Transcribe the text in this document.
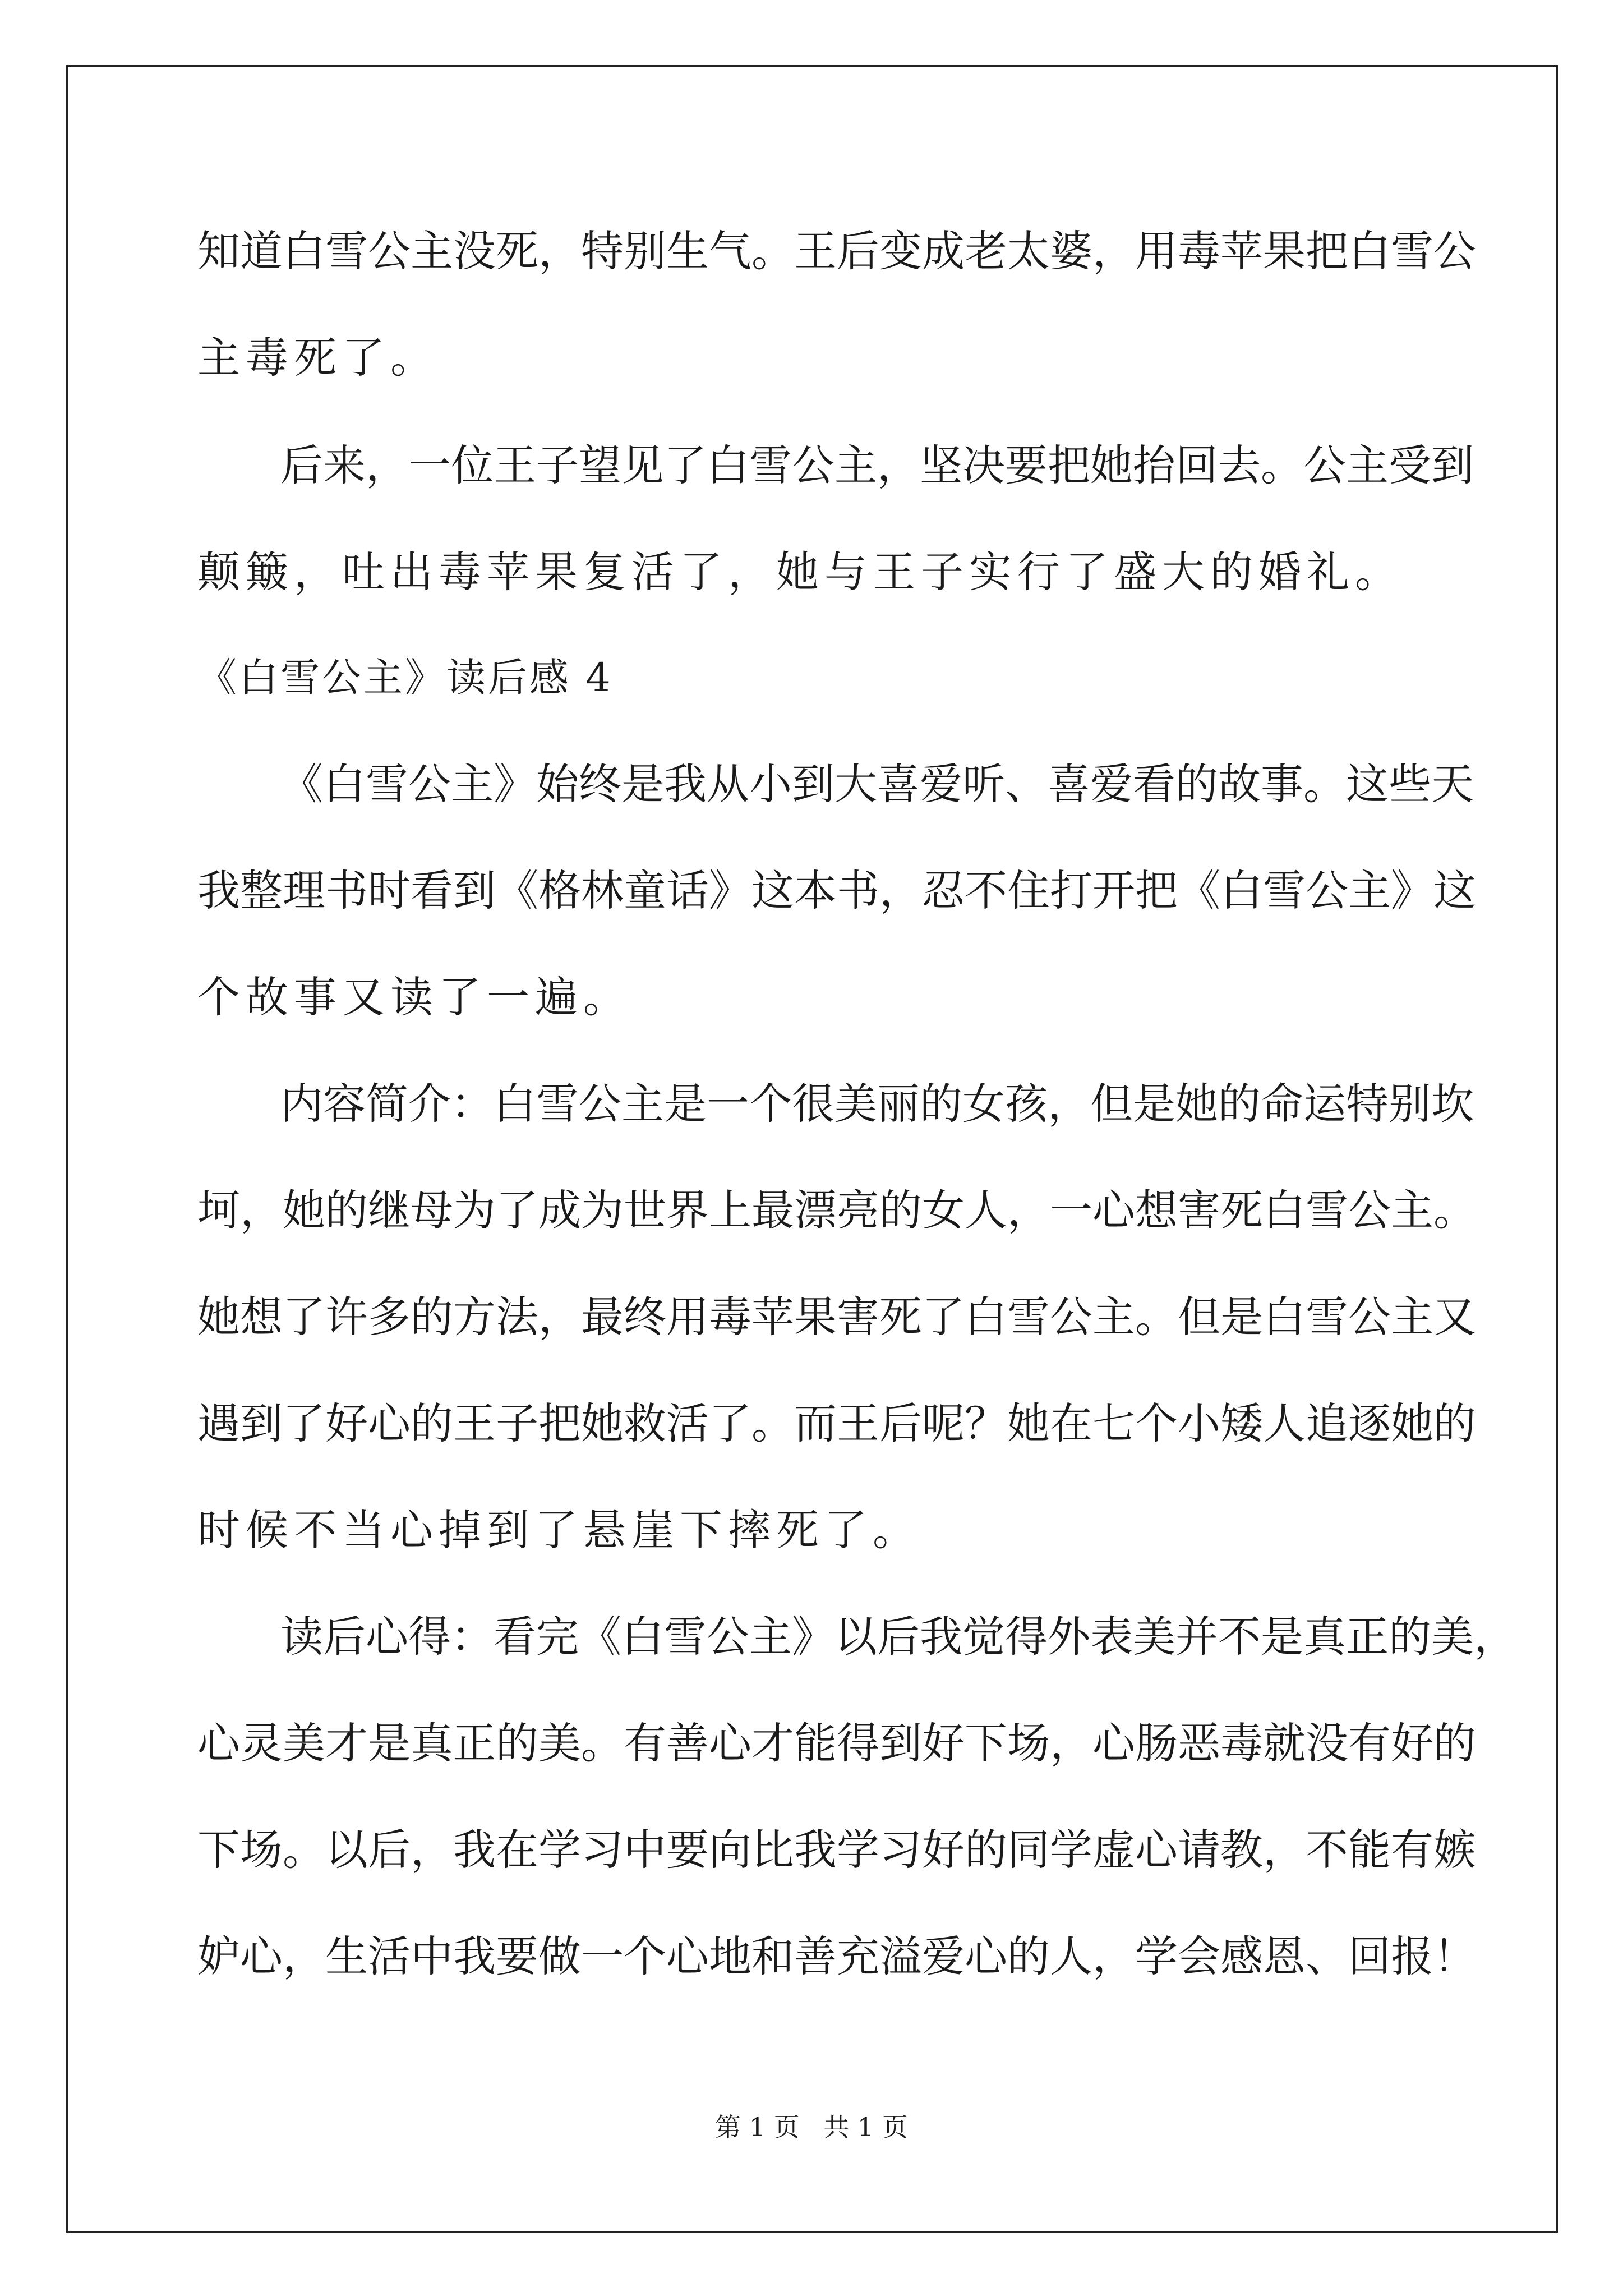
知道白雪公主没死，特别生气。王后变成老太婆，用毒苹果把白雪公
主毒死了。
后来，一位王子望见了白雪公主，坚决要把她抬回去。公主受到
颠簸，吐出毒苹果复活了，她与王子实行了盛大的婚礼。
《白雪公主》读后感 4
《白雪公主》始终是我从小到大喜爱听、喜爱看的故事。这些天
我整理书时看到《格林童话》这本书，忍不住打开把《白雪公主》这
个故事又读了一遍。
内容简介：白雪公主是一个很美丽的女孩，但是她的命运特别坎
坷，她的继母为了成为世界上最漂亮的女人，一心想害死白雪公主。
她想了许多的方法，最终用毒苹果害死了白雪公主。但是白雪公主又
遇到了好心的王子把她救活了。而王后呢？她在七个小矮人追逐她的
时候不当心掉到了悬崖下摔死了。
读后心得：看完《白雪公主》以后我觉得外表美并不是真正的美，
心灵美才是真正的美。有善心才能得到好下场，心肠恶毒就没有好的
下场。以后，我在学习中要向比我学习好的同学虚心请教，不能有嫉
妒心，生活中我要做一个心地和善充溢爱心的人，学会感恩、回报！
第 1 页 共 1 页
